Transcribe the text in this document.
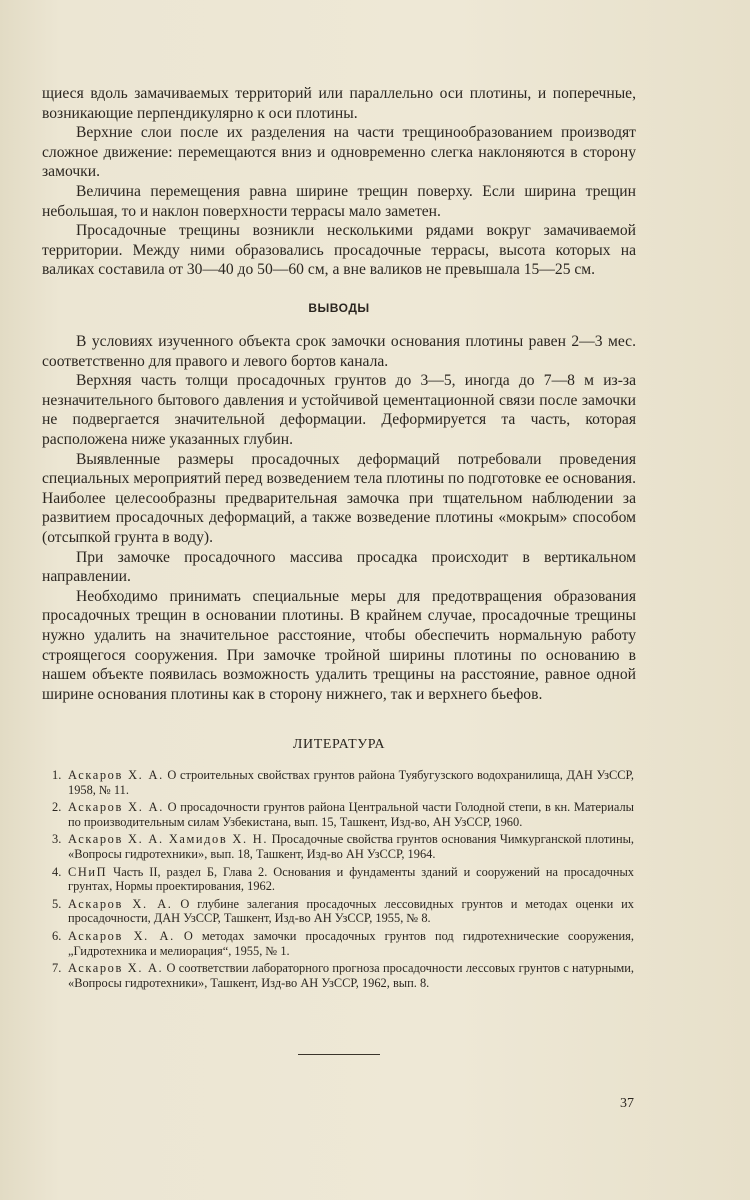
щиеся вдоль замачиваемых территорий или параллельно оси плотины, и поперечные, возникающие перпендикулярно к оси плотины.

Верхние слои после их разделения на части трещинообразованием производят сложное движение: перемещаются вниз и одновременно слегка наклоняются в сторону замочки.

Величина перемещения равна ширине трещин поверху. Если ширина трещин небольшая, то и наклон поверхности террасы мало заметен.

Просадочные трещины возникли несколькими рядами вокруг замачиваемой территории. Между ними образовались просадочные террасы, высота которых на валиках составила от 30—40 до 50—60 см, а вне валиков не превышала 15—25 см.

ВЫВОДЫ

В условиях изученного объекта срок замочки основания плотины равен 2—3 мес. соответственно для правого и левого бортов канала.

Верхняя часть толщи просадочных грунтов до 3—5, иногда до 7—8 м из-за незначительного бытового давления и устойчивой цементационной связи после замочки не подвергается значительной деформации. Деформируется та часть, которая расположена ниже указанных глубин.

Выявленные размеры просадочных деформаций потребовали проведения специальных мероприятий перед возведением тела плотины по подготовке ее основания. Наиболее целесообразны предварительная замочка при тщательном наблюдении за развитием просадочных деформаций, а также возведение плотины «мокрым» способом (отсыпкой грунта в воду).

При замочке просадочного массива просадка происходит в вертикальном направлении.

Необходимо принимать специальные меры для предотвращения образования просадочных трещин в основании плотины. В крайнем случае, просадочные трещины нужно удалить на значительное расстояние, чтобы обеспечить нормальную работу строящегося сооружения. При замочке тройной ширины плотины по основанию в нашем объекте появилась возможность удалить трещины на расстояние, равное одной ширине основания плотины как в сторону нижнего, так и верхнего бьефов.

ЛИТЕРАТУРА
1. Аскаров Х. А. О строительных свойствах грунтов района Туябугузского водохранилища, ДАН УзССР, 1958, № 11.
2. Аскаров Х. А. О просадочности грунтов района Центральной части Голодной степи, в кн. Материалы по производительным силам Узбекистана, вып. 15, Ташкент, Изд-во, АН УзССР, 1960.
3. Аскаров Х. А. Хамидов Х. Н. Просадочные свойства грунтов основания Чимкурганской плотины, «Вопросы гидротехники», вып. 18, Ташкент, Изд-во АН УзССР, 1964.
4. СНиП Часть II, раздел Б, Глава 2. Основания и фундаменты зданий и сооружений на просадочных грунтах, Нормы проектирования, 1962.
5. Аскаров Х. А. О глубине залегания просадочных лессовидных грунтов и методах оценки их просадочности, ДАН УзССР, Ташкент, Изд-во АН УзССР, 1955, № 8.
6. Аскаров Х. А. О методах замочки просадочных грунтов под гидротехнические сооружения, „Гидротехника и мелиорация“, 1955, № 1.
7. Аскаров Х. А. О соответствии лабораторного прогноза просадочности лессовых грунтов с натурными, «Вопросы гидротехники», Ташкент, Изд-во АН УзССР, 1962, вып. 8.
37
